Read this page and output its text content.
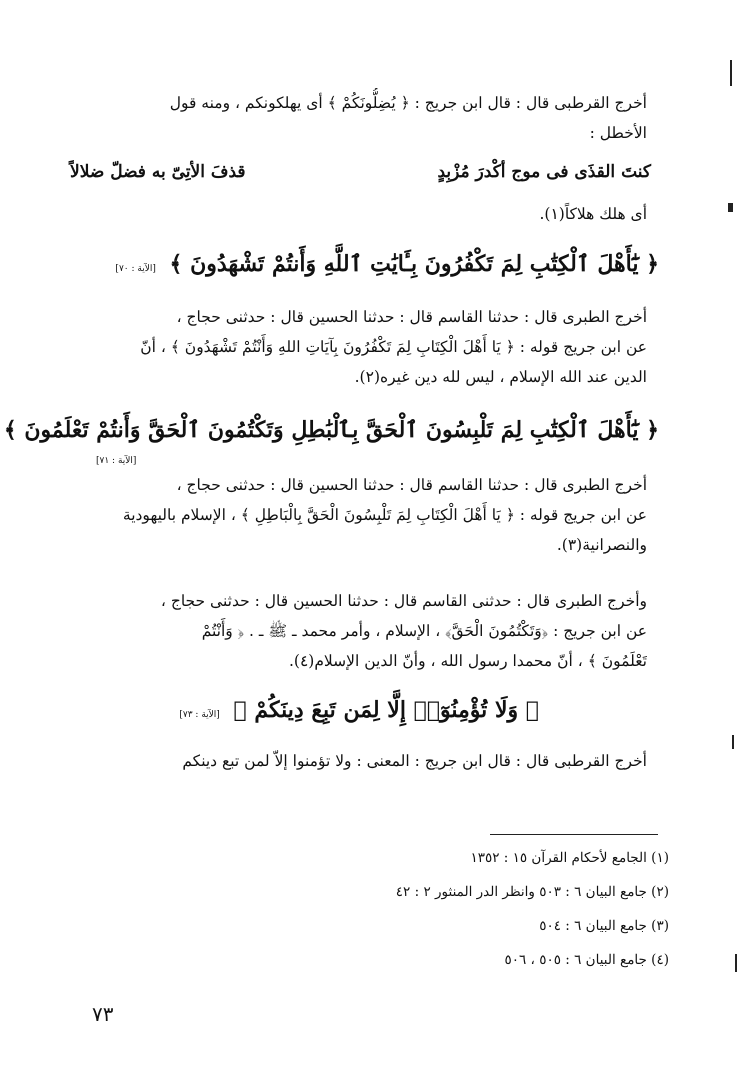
أخرج القرطبى قال : قال ابن جريج : ﴿ يُضِلُّونَكُمْ ﴾ أى يهلكونكم ، ومنه قول
الأخطل :

كنتَ القذَى فى موج أكْدرَ مُزْبِدٍ
قذفَ الأتِىّ به فضلّ ضلالاً

أى هلك هلاكاً(١).

﴿ يَٰٓأَهْلَ ٱلْكِتَٰبِ لِمَ تَكْفُرُونَ بِـَٔايَٰتِ ٱللَّهِ وَأَنتُمْ تَشْهَدُونَ ﴾ [الآية : ٧٠]

أخرج الطبرى قال : حدثنا القاسم قال : حدثنا الحسين قال : حدثنى حجاج ،
عن ابن جريج قوله : ﴿ يَا أَهْلَ الْكِتَابِ لِمَ تَكْفُرُونَ بِآيَاتِ اللهِ وَأَنْتُمْ تَشْهَدُونَ ﴾ ، أنّ
الدين عند الله الإسلام ، ليس لله دين غيره(٢).

﴿ يَٰٓأَهْلَ ٱلْكِتَٰبِ لِمَ تَلْبِسُونَ ٱلْحَقَّ بِٱلْبَٰطِلِ وَتَكْتُمُونَ ٱلْحَقَّ وَأَنتُمْ تَعْلَمُونَ ﴾
[الآية : ٧١]

أخرج الطبرى قال : حدثنا القاسم قال : حدثنا الحسين قال : حدثنى حجاج ،
عن ابن جريج قوله : ﴿ يَا أَهْلَ الْكِتَابِ لِمَ تَلْبِسُونَ الْحَقَّ بِالْبَاطِلِ ﴾ ، الإسلام باليهودية
والنصرانية(٣).

وأخرج الطبرى قال : حدثنى القاسم قال : حدثنا الحسين قال : حدثنى حجاج ،
عن ابن جريج : ﴿وَتَكْتُمُونَ الْحَقَّ﴾ ، الإسلام ، وأمر محمد ـ ﷺ ـ . ﴿ وَأَنْتُمْ
تَعْلَمُونَ ﴾ ، أنّ محمدا رسول الله ، وأنّ الدين الإسلام(٤).

﴿ وَلَا تُؤْمِنُوٓا۟ إِلَّا لِمَن تَبِعَ دِينَكُمْ ﴾ [الآية : ٧٣]

أخرج القرطبى قال : قال ابن جريج : المعنى : ولا تؤمنوا إلاّ لمن تبع دينكم

(١) الجامع لأحكام القرآن ١٥ : ١٣٥٢
(٢) جامع البيان ٦ : ٥٠٣ وانظر الدر المنثور ٢ : ٤٢
(٣) جامع البيان ٦ : ٥٠٤
(٤) جامع البيان ٦ : ٥٠٥ ، ٥٠٦
٧٣
